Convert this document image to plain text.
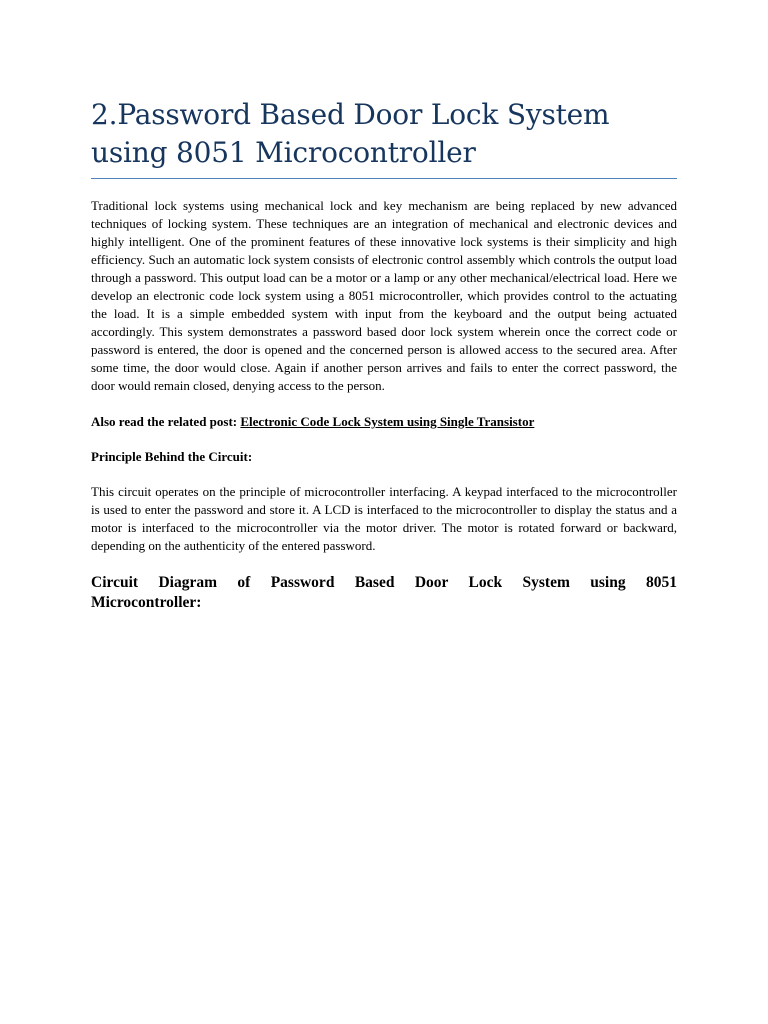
2.Password Based Door Lock System using 8051 Microcontroller

Traditional lock systems using mechanical lock and key mechanism are being replaced by new advanced techniques of locking system. These techniques are an integration of mechanical and electronic devices and highly intelligent. One of the prominent features of these innovative lock systems is their simplicity and high efficiency. Such an automatic lock system consists of electronic control assembly which controls the output load through a password. This output load can be a motor or a lamp or any other mechanical/electrical load. Here we develop an electronic code lock system using a 8051 microcontroller, which provides control to the actuating the load. It is a simple embedded system with input from the keyboard and the output being actuated accordingly. This system demonstrates a password based door lock system wherein once the correct code or password is entered, the door is opened and the concerned person is allowed access to the secured area. After some time, the door would close. Again if another person arrives and fails to enter the correct password, the door would remain closed, denying access to the person.

Also read the related post: Electronic Code Lock System using Single Transistor

Principle Behind the Circuit:

This circuit operates on the principle of microcontroller interfacing. A keypad interfaced to the microcontroller is used to enter the password and store it. A LCD is interfaced to the microcontroller to display the status and a motor is interfaced to the microcontroller via the motor driver. The motor is rotated forward or backward, depending on the authenticity of the entered password.

Circuit Diagram of Password Based Door Lock System using 8051 Microcontroller:
